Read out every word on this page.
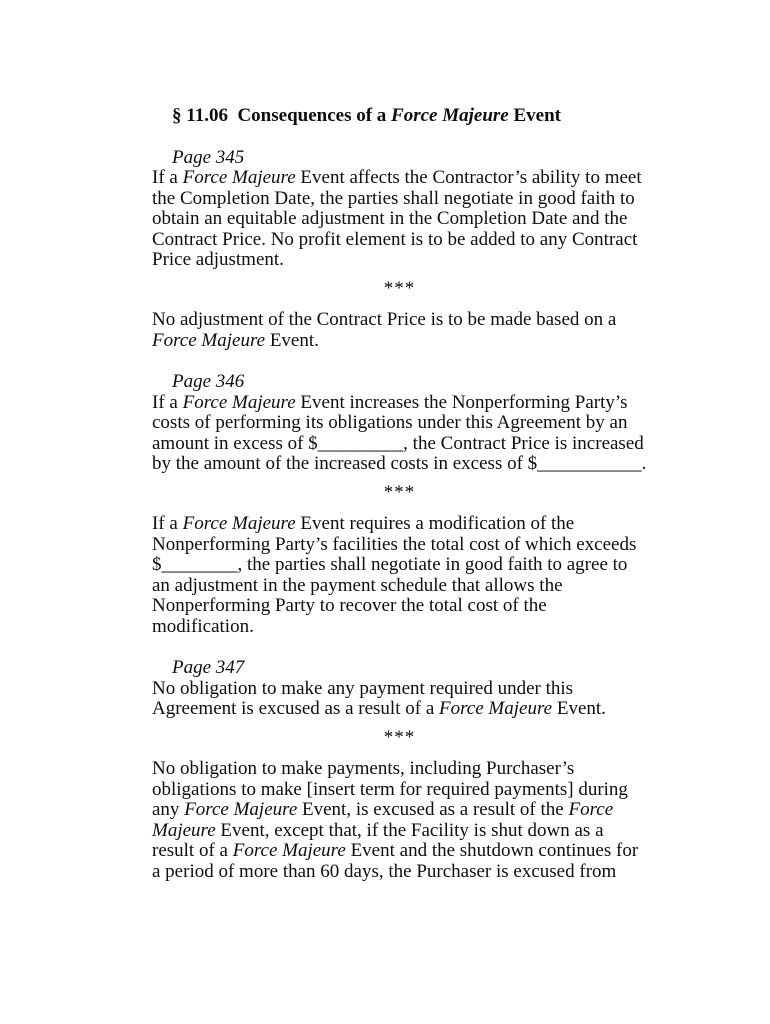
§ 11.06  Consequences of a Force Majeure Event
Page 345
If a Force Majeure Event affects the Contractor’s ability to meet the Completion Date, the parties shall negotiate in good faith to obtain an equitable adjustment in the Completion Date and the Contract Price. No profit element is to be added to any Contract Price adjustment.
***
No adjustment of the Contract Price is to be made based on a Force Majeure Event.
Page 346
If a Force Majeure Event increases the Nonperforming Party’s costs of performing its obligations under this Agreement by an amount in excess of $_________, the Contract Price is increased by the amount of the increased costs in excess of $___________.
***
If a Force Majeure Event requires a modification of the Nonperforming Party’s facilities the total cost of which exceeds $________, the parties shall negotiate in good faith to agree to an adjustment in the payment schedule that allows the Nonperforming Party to recover the total cost of the modification.
Page 347
No obligation to make any payment required under this Agreement is excused as a result of a Force Majeure Event.
***
No obligation to make payments, including Purchaser’s obligations to make [insert term for required payments] during any Force Majeure Event, is excused as a result of the Force Majeure Event, except that, if the Facility is shut down as a result of a Force Majeure Event and the shutdown continues for a period of more than 60 days, the Purchaser is excused from
